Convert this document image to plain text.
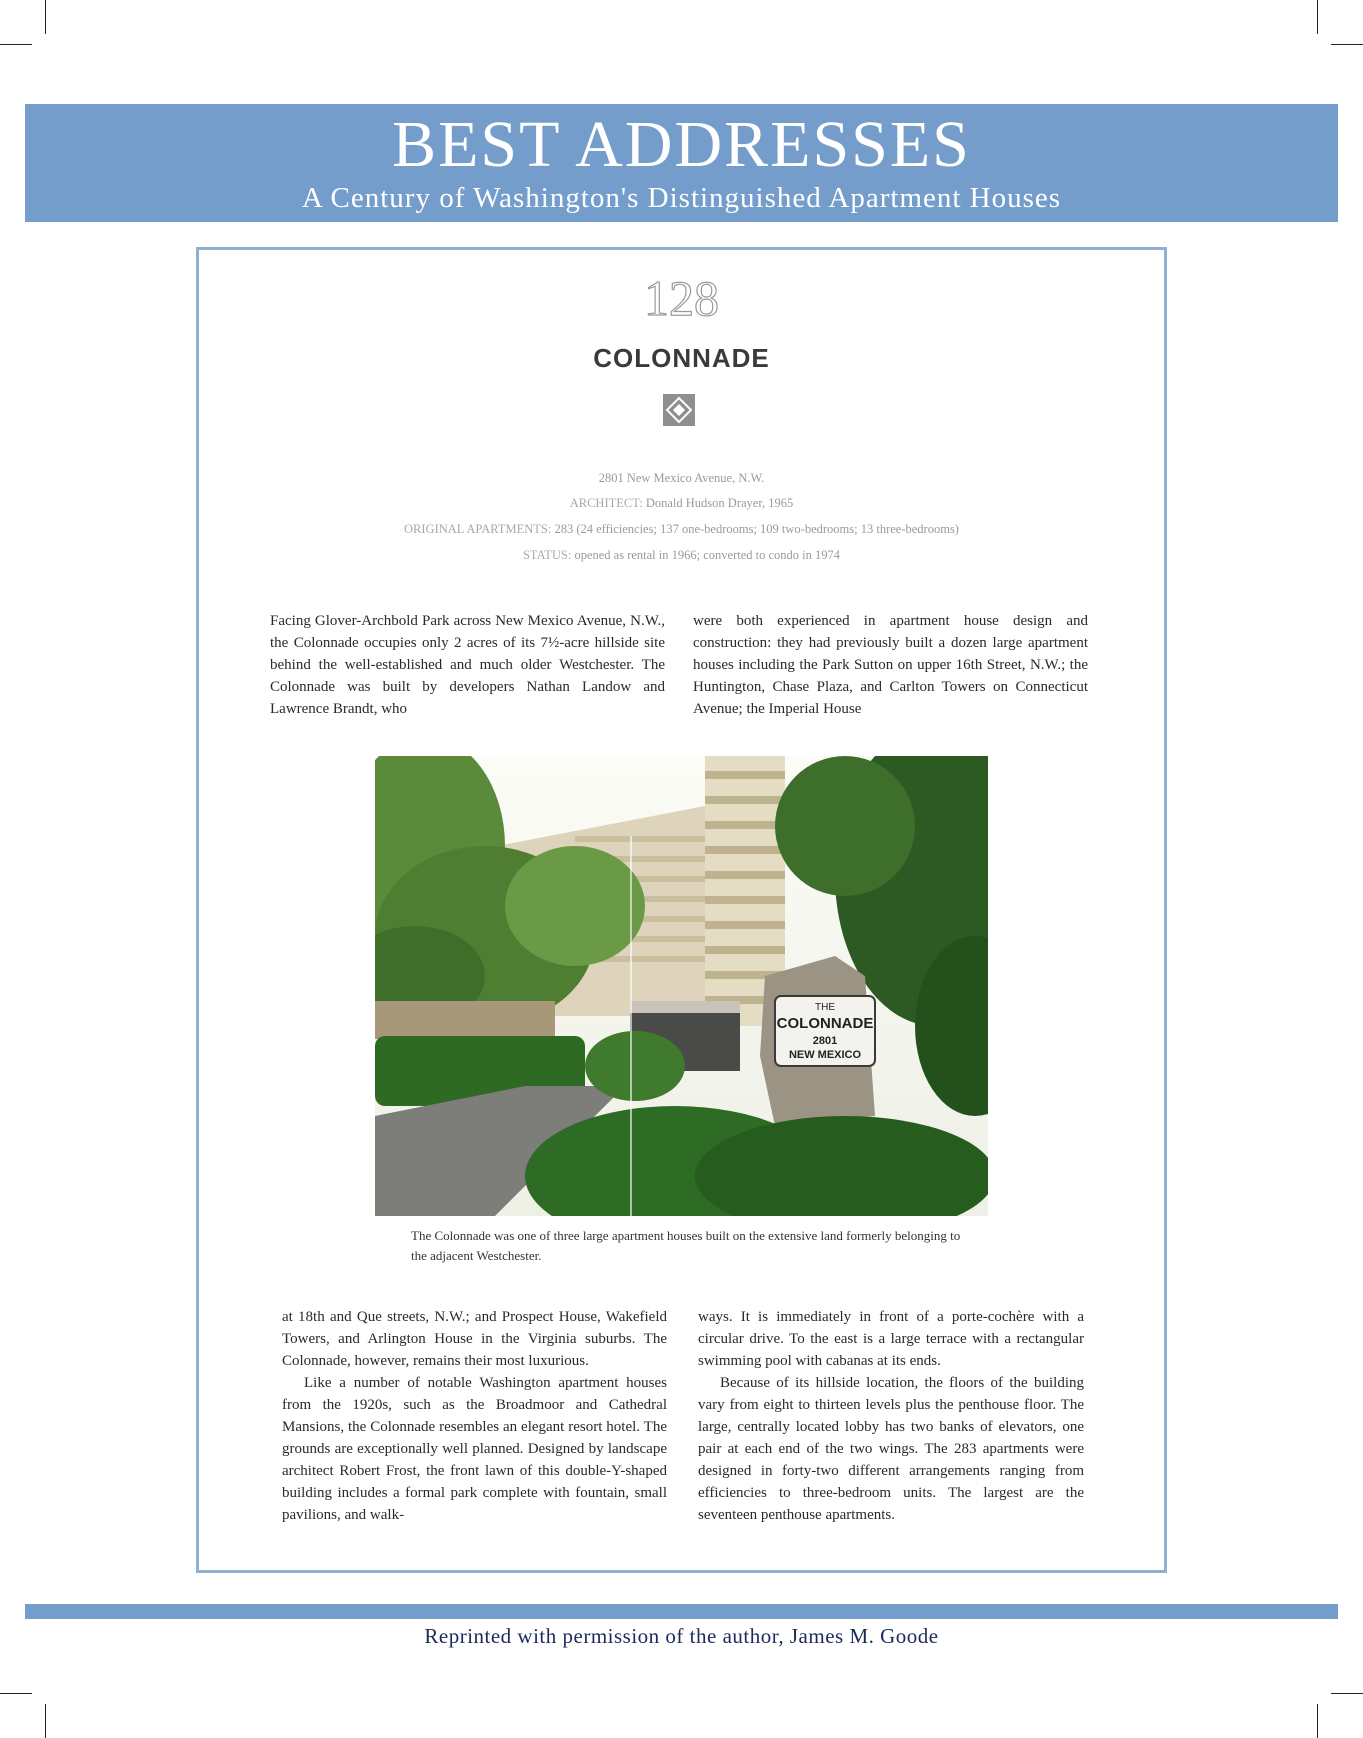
BEST ADDRESSES
A Century of Washington's Distinguished Apartment Houses
128
COLONNADE
2801 New Mexico Avenue, N.W.
ARCHITECT: Donald Hudson Drayer, 1965
ORIGINAL APARTMENTS: 283 (24 efficiencies; 137 one-bedrooms; 109 two-bedrooms; 13 three-bedrooms)
STATUS: opened as rental in 1966; converted to condo in 1974

Facing Glover-Archbold Park across New Mexico Avenue, N.W., the Colonnade occupies only 2 acres of its 7½-acre hillside site behind the well-established and much older Westchester. The Colonnade was built by developers Nathan Landow and Lawrence Brandt, who

were both experienced in apartment house design and construction: they had previously built a dozen large apartment houses including the Park Sutton on upper 16th Street, N.W.; the Huntington, Chase Plaza, and Carlton Towers on Connecticut Avenue; the Imperial House

THE
COLONNADE
2801
NEW MEXICO
The Colonnade was one of three large apartment houses built on the extensive land formerly belonging to the adjacent Westchester.

at 18th and Que streets, N.W.; and Prospect House, Wakefield Towers, and Arlington House in the Virginia suburbs. The Colonnade, however, remains their most luxurious.

Like a number of notable Washington apartment houses from the 1920s, such as the Broadmoor and Cathedral Mansions, the Colonnade resembles an elegant resort hotel. The grounds are exceptionally well planned. Designed by landscape architect Robert Frost, the front lawn of this double-Y-shaped building includes a formal park complete with fountain, small pavilions, and walk-

ways. It is immediately in front of a porte-cochère with a circular drive. To the east is a large terrace with a rectangular swimming pool with cabanas at its ends.

Because of its hillside location, the floors of the building vary from eight to thirteen levels plus the penthouse floor. The large, centrally located lobby has two banks of elevators, one pair at each end of the two wings. The 283 apartments were designed in forty-two different arrangements ranging from efficiencies to three-bedroom units. The largest are the seventeen penthouse apartments.

Reprinted with permission of the author, James M. Goode
